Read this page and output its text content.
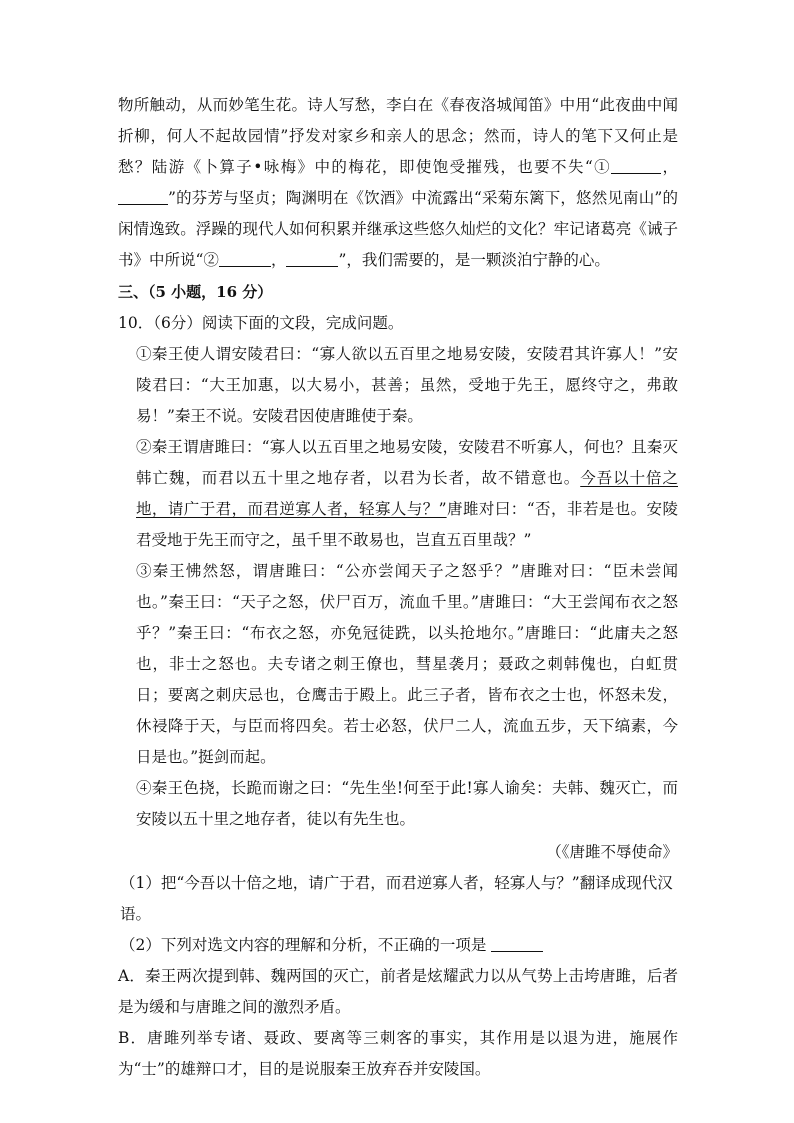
物所触动，从而妙笔生花。诗人写愁，李白在《春夜洛城闻笛》中用“此夜曲中闻折柳，何人不起故园情”抒发对家乡和亲人的思念；然而，诗人的笔下又何止是愁？陆游《卜算子•咏梅》中的梅花，即使饱受摧残，也要不失“①	，”的芬芳与坚贞；陶渊明在《饮酒》中流露出“采菊东篱下，悠然见南山”的闲情逸致。浮躁的现代人如何积累并继承这些悠久灿烂的文化？牢记诸葛亮《诫子书》中所说“②	，	”，我们需要的，是一颗淡泊宁静的心。

三、（5 小题，16 分）
10．（6分）阅读下面的文段，完成问题。

①秦王使人谓安陵君曰：“寡人欲以五百里之地易安陵，安陵君其许寡人！”安陵君曰：“大王加惠，以大易小，甚善；虽然，受地于先王，愿终守之，弗敢易！”秦王不说。安陵君因使唐雎使于秦。

②秦王谓唐雎曰：“寡人以五百里之地易安陵，安陵君不听寡人，何也？且秦灭韩亡魏，而君以五十里之地存者，以君为长者，故不错意也。今吾以十倍之地，请广于君，而君逆寡人者，轻寡人与？”唐雎对曰：“否，非若是也。安陵君受地于先王而守之，虽千里不敢易也，岂直五百里哉？”

③秦王怫然怒，谓唐雎曰：“公亦尝闻天子之怒乎？”唐雎对曰：“臣未尝闻也。”秦王曰：“天子之怒，伏尸百万，流血千里。”唐雎曰：“大王尝闻布衣之怒乎？”秦王曰：“布衣之怒，亦免冠徒跣，以头抢地尔。”唐雎曰：“此庸夫之怒也，非士之怒也。夫专诸之刺王僚也，彗星袭月；聂政之刺韩傀也，白虹贯日；要离之刺庆忌也，仓鹰击于殿上。此三子者，皆布衣之士也，怀怒未发，休祲降于天，与臣而将四矣。若士必怒，伏尸二人，流血五步，天下缟素，今日是也。”挺剑而起。

④秦王色挠，长跪而谢之曰：“先生坐!何至于此!寡人谕矣：夫韩、魏灭亡，而安陵以五十里之地存者，徒以有先生也。

（《唐雎不辱使命》
（1）把“今吾以十倍之地，请广于君，而君逆寡人者，轻寡人与？”翻译成现代汉语。
（2）下列对选文内容的理解和分析，不正确的一项是

A．秦王两次提到韩、魏两国的灭亡，前者是炫耀武力以从气势上击垮唐雎，后者是为缓和与唐雎之间的激烈矛盾。

B．唐雎列举专诸、聂政、要离等三刺客的事实，其作用是以退为进，施展作为“士”的雄辩口才，目的是说服秦王放弃吞并安陵国。
